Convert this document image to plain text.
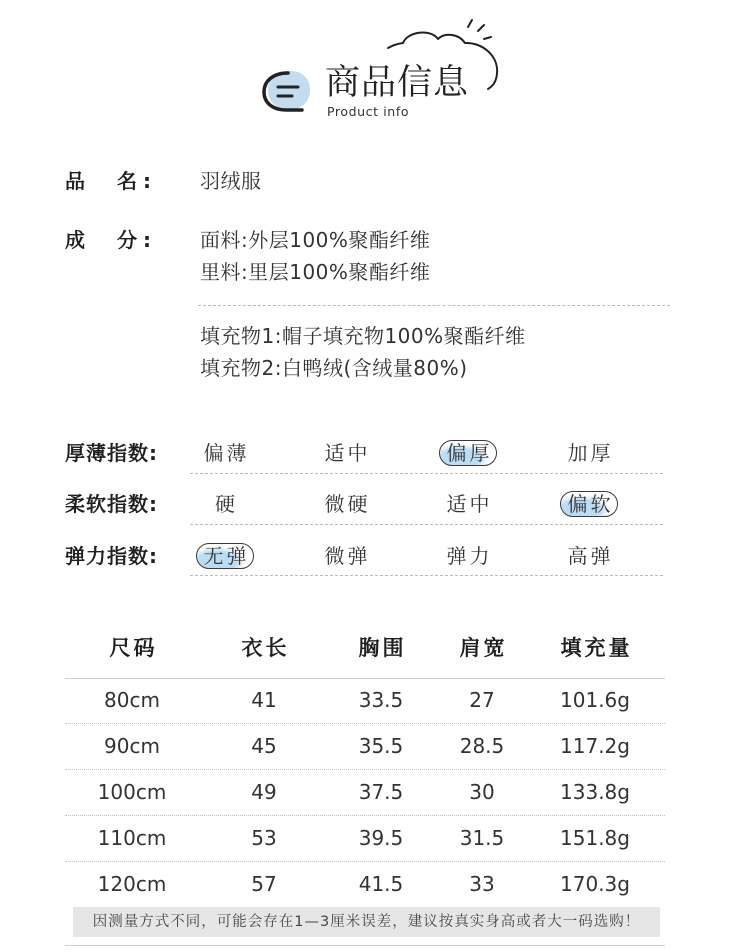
商品信息
Product info
品　名: 羽绒服
成　分: 面料:外层100%聚酯纤维
里料:里层100%聚酯纤维
填充物1:帽子填充物100%聚酯纤维
填充物2:白鸭绒(含绒量80%)
厚薄指数:	偏薄	适中	偏厚	加厚
柔软指数:	硬	微硬	适中	偏软
弹力指数:	无弹	微弹	弹力	高弹
尺码	衣长	胸围	肩宽	填充量
80cm	41	33.5	27	101.6g
90cm	45	35.5	28.5	117.2g
100cm	49	37.5	30	133.8g
110cm	53	39.5	31.5	151.8g
120cm	57	41.5	33	170.3g
因测量方式不同，可能会存在1—3厘米误差，建议按真实身高或者大一码选购！
